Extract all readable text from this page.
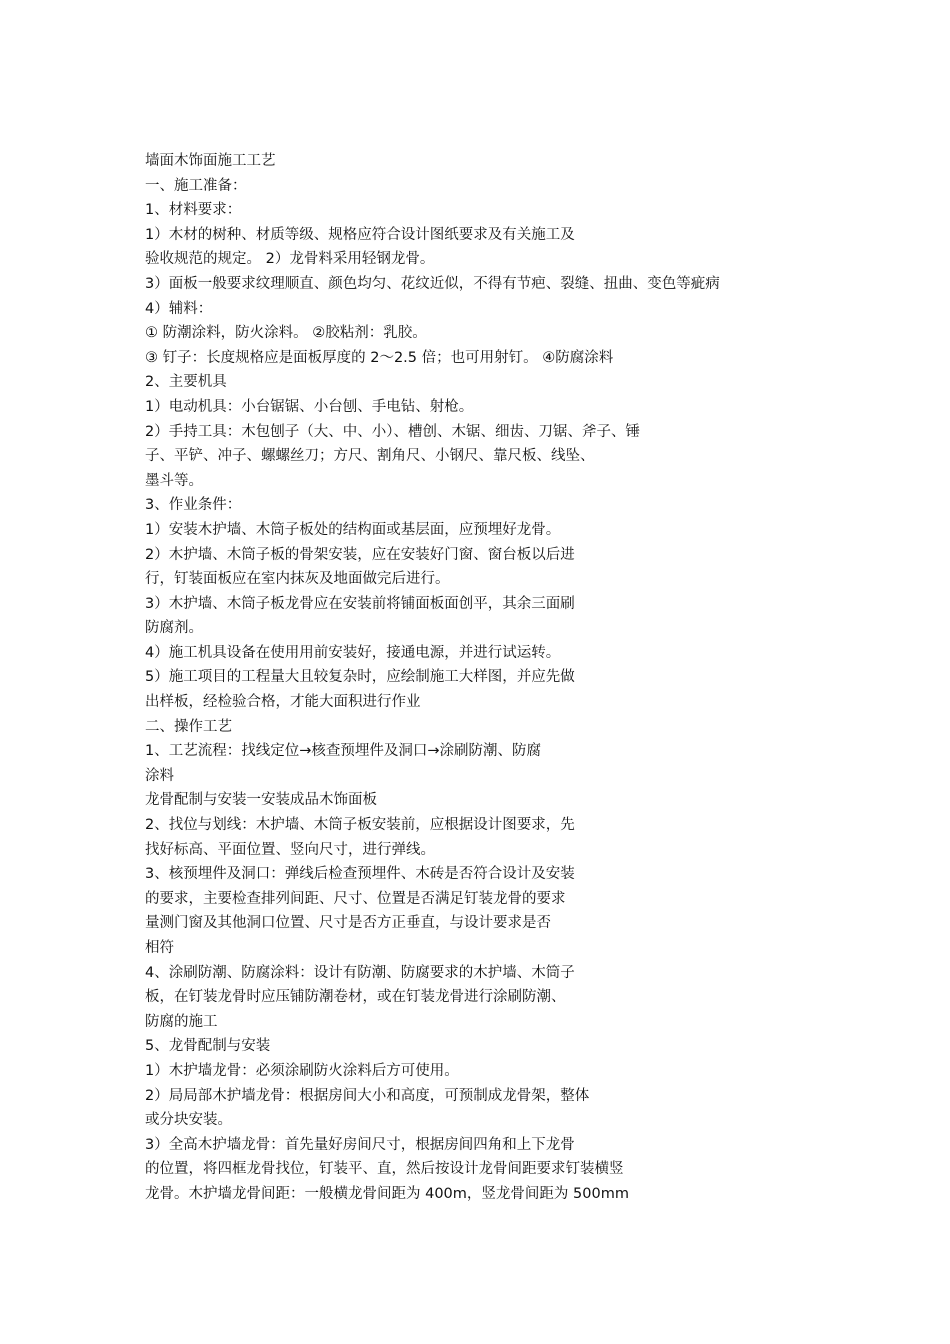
墙面木饰面施工工艺
一、施工准备：
1、材料要求：
1）木材的树种、材质等级、规格应符合设计图纸要求及有关施工及
验收规范的规定。 2）龙骨料采用轻钢龙骨。
3）面板一般要求纹理顺直、颜色均匀、花纹近似，不得有节疤、裂缝、扭曲、变色等疵病
4）辅料：
① 防潮涂料，防火涂料。 ②胶粘剂：乳胶。
③ 钉子：长度规格应是面板厚度的 2～2.5 倍；也可用射钉。 ④防腐涂料
2、主要机具
1）电动机具：小台锯锯、小台刨、手电钻、射枪。
2）手持工具：木包刨子（大、中、小）、槽创、木锯、细齿、刀锯、斧子、锤
子、平铲、冲子、螺螺丝刀；方尺、割角尺、小钢尺、靠尺板、线坠、
墨斗等。
3、作业条件：
1）安装木护墙、木筒子板处的结构面或基层面，应预埋好龙骨。
2）木护墙、木筒子板的骨架安装，应在安装好门窗、窗台板以后进
行，钉装面板应在室内抹灰及地面做完后进行。
3）木护墙、木筒子板龙骨应在安装前将铺面板面创平，其余三面刷
防腐剂。
4）施工机具设备在使用用前安装好，接通电源，并进行试运转。
5）施工项目的工程量大且较复杂时，应绘制施工大样图，并应先做
出样板，经检验合格，才能大面积进行作业
二、操作工艺
1、工艺流程：找线定位→核查预埋件及洞口→涂刷防潮、防腐
涂料
龙骨配制与安装一安装成品木饰面板
2、找位与划线：木护墙、木筒子板安装前，应根据设计图要求，先
找好标高、平面位置、竖向尺寸，进行弹线。
3、核预埋件及洞口：弹线后检查预埋件、木砖是否符合设计及安装
的要求，主要检查排列间距、尺寸、位置是否满足钉装龙骨的要求
量测门窗及其他洞口位置、尺寸是否方正垂直，与设计要求是否
相符
4、涂刷防潮、防腐涂料：设计有防潮、防腐要求的木护墙、木筒子
板，在钉装龙骨时应压铺防潮卷材，或在钉装龙骨进行涂刷防潮、
防腐的施工
5、龙骨配制与安装
1）木护墙龙骨：必须涂刷防火涂料后方可使用。
2）局局部木护墙龙骨：根据房间大小和高度，可预制成龙骨架，整体
或分块安装。
3）全高木护墙龙骨：首先量好房间尺寸，根据房间四角和上下龙骨
的位置，将四框龙骨找位，钉装平、直，然后按设计龙骨间距要求钉装横竖
龙骨。木护墙龙骨间距：一般横龙骨间距为 400m，竖龙骨间距为 500mm
